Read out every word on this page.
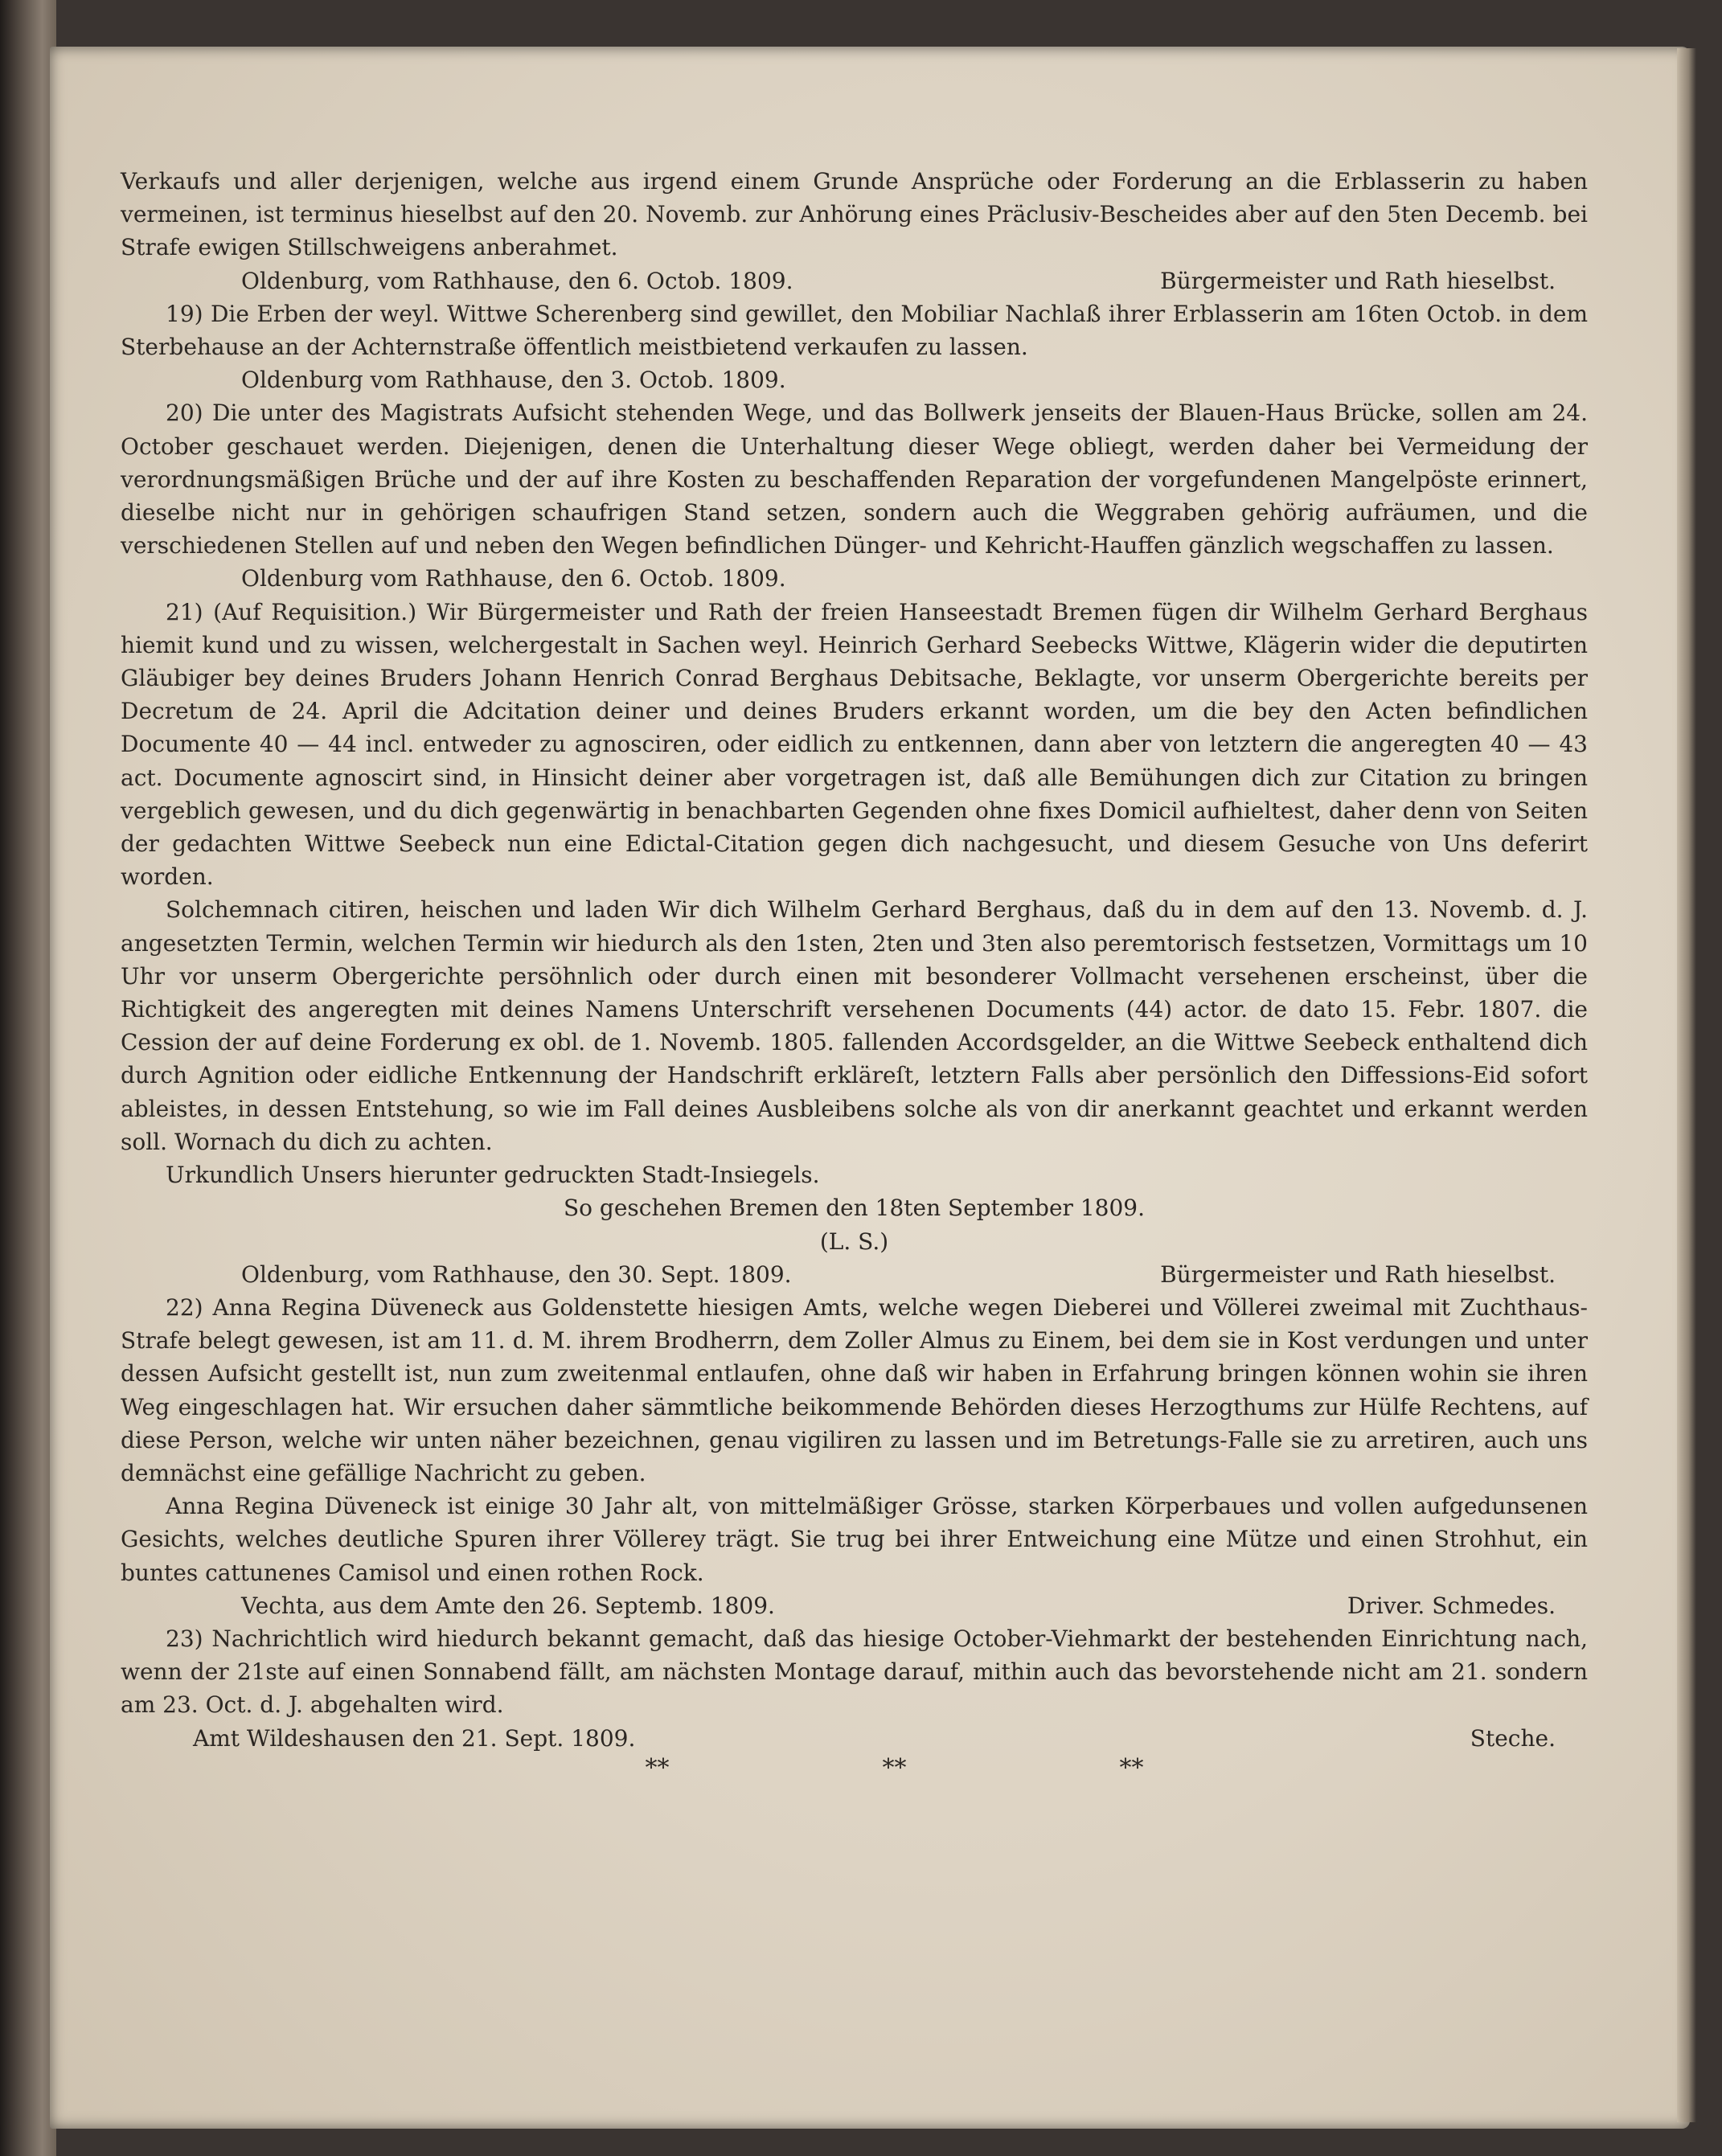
Verkaufs und aller derjenigen, welche aus irgend einem Grunde Ansprüche oder Forderung an die Erblasserin zu haben vermeinen, ist terminus hieselbst auf den 20. Novemb. zur Anhörung eines Präclusiv-Bescheides aber auf den 5ten Decemb. bei Strafe ewigen Stillschweigens anberahmet.

Oldenburg, vom Rathhause, den 6. Octob. 1809.	Bürgermeister und Rath hieselbst.

19) Die Erben der weyl. Wittwe Scherenberg sind gewillet, den Mobiliar Nachlaß ihrer Erblasserin am 16ten Octob. in dem Sterbehause an der Achternstraße öffentlich meistbietend verkaufen zu lassen.

Oldenburg vom Rathhause, den 3. Octob. 1809.

20) Die unter des Magistrats Aufsicht stehenden Wege, und das Bollwerk jenseits der Blauen-Haus Brücke, sollen am 24. October geschauet werden. Diejenigen, denen die Unterhaltung dieser Wege obliegt, werden daher bei Vermeidung der verordnungsmäßigen Brüche und der auf ihre Kosten zu beschaffenden Reparation der vorgefundenen Mangelpöste erinnert, dieselbe nicht nur in gehörigen schaufrigen Stand setzen, sondern auch die Weggraben gehörig aufräumen, und die verschiedenen Stellen auf und neben den Wegen befindlichen Dünger- und Kehricht-Hauffen gänzlich wegschaffen zu lassen.

Oldenburg vom Rathhause, den 6. Octob. 1809.

21) (Auf Requisition.) Wir Bürgermeister und Rath der freien Hanseestadt Bremen fügen dir Wilhelm Gerhard Berghaus hiemit kund und zu wissen, welchergestalt in Sachen weyl. Heinrich Gerhard Seebecks Wittwe, Klägerin wider die deputirten Gläubiger bey deines Bruders Johann Henrich Conrad Berghaus Debitsache, Beklagte, vor unserm Obergerichte bereits per Decretum de 24. April die Adcitation deiner und deines Bruders erkannt worden, um die bey den Acten befindlichen Documente 40 — 44 incl. entweder zu agnosciren, oder eidlich zu entkennen, dann aber von letztern die angeregten 40 — 43 act. Documente agnoscirt sind, in Hinsicht deiner aber vorgetragen ist, daß alle Bemühungen dich zur Citation zu bringen vergeblich gewesen, und du dich gegenwärtig in benachbarten Gegenden ohne fixes Domicil aufhieltest, daher denn von Seiten der gedachten Wittwe Seebeck nun eine Edictal-Citation gegen dich nachgesucht, und diesem Gesuche von Uns deferirt worden.

Solchemnach citiren, heischen und laden Wir dich Wilhelm Gerhard Berghaus, daß du in dem auf den 13. Novemb. d. J. angesetzten Termin, welchen Termin wir hiedurch als den 1sten, 2ten und 3ten also peremtorisch festsetzen, Vormittags um 10 Uhr vor unserm Obergerichte persöhnlich oder durch einen mit besonderer Vollmacht versehenen erscheinst, über die Richtigkeit des angeregten mit deines Namens Unterschrift versehenen Documents (44) actor. de dato 15. Febr. 1807. die Cession der auf deine Forderung ex obl. de 1. Novemb. 1805. fallenden Accordsgelder, an die Wittwe Seebeck enthaltend dich durch Agnition oder eidliche Entkennung der Handschrift erkläreſt, letztern Falls aber persönlich den Diffessions-Eid sofort ableistes, in dessen Entstehung, so wie im Fall deines Ausbleibens solche als von dir anerkannt geachtet und erkannt werden soll. Wornach du dich zu achten.

Urkundlich Unsers hierunter gedruckten Stadt-Insiegels.

So geschehen Bremen den 18ten September 1809.

(L. S.)

Oldenburg, vom Rathhause, den 30. Sept. 1809.	Bürgermeister und Rath hieselbst.

22) Anna Regina Düveneck aus Goldenstette hiesigen Amts, welche wegen Dieberei und Völlerei zweimal mit Zuchthaus-Strafe belegt gewesen, ist am 11. d. M. ihrem Brodherrn, dem Zoller Almus zu Einem, bei dem sie in Kost verdungen und unter dessen Aufsicht gestellt ist, nun zum zweitenmal entlaufen, ohne daß wir haben in Erfahrung bringen können wohin sie ihren Weg eingeschlagen hat. Wir ersuchen daher sämmtliche beikommende Behörden dieses Herzogthums zur Hülfe Rechtens, auf diese Person, welche wir unten näher bezeichnen, genau vigiliren zu lassen und im Betretungs-Falle sie zu arretiren, auch uns demnächst eine gefällige Nachricht zu geben.

Anna Regina Düveneck ist einige 30 Jahr alt, von mittelmäßiger Grösse, starken Körperbaues und vollen aufgedunsenen Gesichts, welches deutliche Spuren ihrer Völlerey trägt. Sie trug bei ihrer Entweichung eine Mütze und einen Strohhut, ein buntes cattunenes Camisol und einen rothen Rock.

Vechta, aus dem Amte den 26. Septemb. 1809.	Driver. Schmedes.

23) Nachrichtlich wird hiedurch bekannt gemacht, daß das hiesige October-Viehmarkt der bestehenden Einrichtung nach, wenn der 21ste auf einen Sonnabend fällt, am nächsten Montage darauf, mithin auch das bevorstehende nicht am 21. sondern am 23. Oct. d. J. abgehalten wird.

Amt Wildeshausen den 21. Sept. 1809.	Steche.
**	**	**
